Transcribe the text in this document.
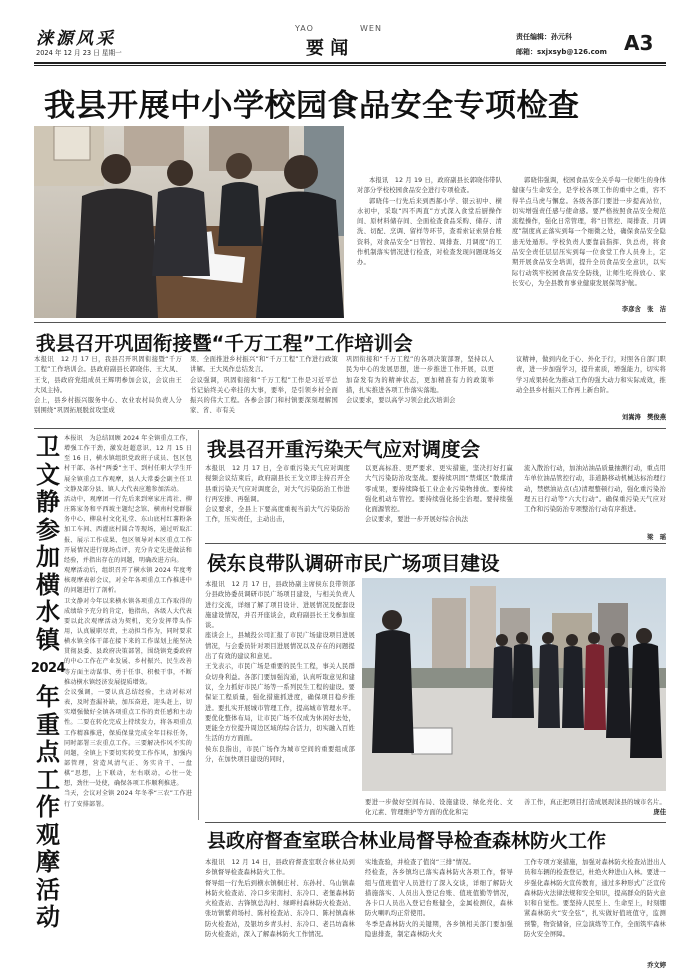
涞源风采
2024 年 12 月 23 日 星期一
YAO	WEN
要 闻
责任编辑：孙元科
邮箱：sxjxsyb@126.com A3
我县开展中小学校园食品安全专项检查

本报讯　12 月 19 日，政府副县长郭晓伟带队对部分学校校园食品安全进行专项检查。

郭晓伟一行先后来到西郝小学、银云初中、横水初中，采取“四不两直”方式深入食堂后厨操作间、原材料储存间、全面检查食品采购、储存、清洗、切配、烹调、留样等环节，查看索证索票台账资料，对食品安全“日管控、周排查、月调度”的工作机制落实情况进行检查，对检查发现问题现场交办。

郭晓伟强调，校园食品安全关乎每一位师生的身体健康与生命安全，是学校各项工作的重中之重，容不得半点马虎与懈怠。各级各部门要进一步提高站位，切实增强责任感与使命感。要严格按照食品安全规范流程操作，强化日常管理，将“日管控、周排查、月调度”制度真正落实到每一个细微之处，确保食品安全隐患无处遁形。学校负责人要靠前指挥、负总责，将食品安全责任层层压实到每一位食堂工作人员身上，定期开展食品安全培训，提升全员食品安全意识，以实际行动筑牢校园食品安全防线，让师生吃得放心、家长安心，为全县教育事业健康发展保驾护航。

李彦含　张　洁
我县召开巩固衔接暨“千万工程”工作培训会
本报讯　12 月 17 日，我县召开巩固衔接暨“千万工程”工作培训会。县政府副县长郭晓伟、王大凤、王戈，县政府党组成员王辉明参加会议，会议由王大凤主持。
会上，县乡村振兴服务中心、农业农村局负责人分别围绕“巩固拓展脱贫攻坚成
果、全面推进乡村振兴”和“千万工程”工作进行政策讲解。王大凤作总结发言。
会议强调，巩固衔接和“千万工程”工作是习近平总书记始终关心牵挂的大事，要举，是引领乡村全面振兴的伟大工程。各参会部门和村镇要深刻理解国家、省、市有关
巩固衔接和“千万工程”的各项决策部署，坚持以人民为中心的发展思想，进一步推进工作开展，以更加奋发有为的精神状态，更加精准有力的政策举措，扎实推进各项工作落实落地。
会议要求，要以高学习领会此次培训会
议精神，做到内化于心、外化于行，对照各自部门职责，进一步加强学习，提升素质，增强能力，切实将学习成果转化为推动工作的强大动力和实际成效，推动全县乡村振兴工作再上新台阶。
刘嵩涛　樊俊燕
卫
文
静
参
加
横
水
镇
2024
年
重
点
工
作
观
摩
活
动
本报讯　为总结回顾 2024 年全镇重点工作，增强工作干劲，激发赶超意识，12 月 15 日至 16 日，横水镇组织党政班子成员、包区包村干部、各村“两委”主干、到村任职大学生开展全镇重点工作观摩，县人大常委会副主任卫文静及部分县、镇人大代表应邀参加活动。
活动中，观摩团一行先后来到寒家庄湾社、柳庄陈家务和平西坡主题纪念馆、横南村党群服务中心、柳泉村文化礼堂、东山底村红薯粉条加工车间、西灌底村圆合等现场，通过听取汇报、展示工作成果、包区领导对本区重点工作开展情况进行现场点评，充分肯定先进做法和经验，并指出存在的问题，明确改进方向。
观摩活动后，组织召开了横水镇 2024 年度考核观摩表彰会议，对全年各项重点工作推进中的问题进行了剖析。
卫文静对今年以来横水镇各项重点工作取得的成绩给予充分的肯定，他指出，各级人大代表要以此次观摩活动为契机，充分发挥带头作用，认真履职尽责，主动担当作为，同时要求横水镇全体干部在接下来的工作谋划上能坚决贯彻县委、县政府决策部署，围绕镇党委政府的中心工作在产业发展、乡村振兴、民生改善等方面主动谋事、勇于任事、积极干事，不断推动横水镇经济发展提质增效。
会议强调，一要认真总结经验，主动对标对表，及时查漏补缺，加压奋进，迎头赶上，切实增强做好全镇各项重点工作的责任感和主动性。二要在转化完成上持续发力，将各项重点工作精准推进，保质保量完成全年目标任务，同时部署三农重点工作。三要解决作风不实的问题，全镇上下要切实转变工作作风，加强内部管理，营造风清气正、务实肯干、一盘棋”思想，上下联动，左右联动，心往一处想，劲往一处使，确保各项工作顺利推进。
当天，会议对全镇 2024 年冬季“三农”工作进行了安排部署。
我县召开重污染天气应对调度会
本报讯　12 月 17 日，全市重污染天气应对调度视频会议结束后，政府副县长王戈立即主持召开全县重污染天气应对调度会，对大气污染防治工作进行再安排、再强调。
会议要求，全县上下要高度重视当前大气污染防治工作，压实责任，主动出击，
以更高标准、更严要求、更实措施，坚决打好打赢大气污染防治攻坚战。要持续巩固“禁煤区”散煤清零成果，要持续降低工业企业污染物排放。要持续强化机动车管控。要持续强化扬尘治理。要持续强化面源管控。
会议要求，要进一步开展好综合执法
流入散治行动，加油站油品质量抽测行动，重点用车单位油品管控行动，非道路移动机械达标治理行动，禁燃油站点(点)清理整顿行动，强化重污染治理五日行动等“六大行动”。确保重污染天气应对工作和污染防治专项整治行动有序推进。
梁　瑶
侯东良带队调研市民广场项目建设
本报讯　12 月 17 日，县政协副主席侯东良带领部分县政协委员调研市民广场项目建设，与相关负责人进行交流，详细了解了项目设计、进展情况及配套设施建设情况，并召开座谈会，政府副县长王戈参加座谈。
座谈会上，县城投公司汇报了市民广场建设项目进展情况，与会委员针对项目进展情况以及存在的问题提出了有效的建议和意见。
王戈表示，市民广场是重要的民生工程，事关人民群众切身利益。各部门要加强沟通，认真听取意见和建议，全力抓好市民广场等一系列民生工程的建设。要保证工程质量，强化措施抓进度，确保项目稳步推进。要扎实开展城市管理工作，提高城市管理水平。要优化整体布局，让市民广场不仅成为休闲好去处，更能全方位提升周边区域的综合活力，切实融入百姓生活的方方面面。
侯东良指出，市民广场作为城市空间的重要组成部分，在加快项目建设的同时，
要进一步做好空间布局、设施建设、绿化亮化、文化元素、管理维护等方面的优化和完
善工作，真正把项目打造成展现涞县的城市名片。
庞佳
县政府督查室联合林业局督导检查森林防火工作
本报讯　12 月 14 日，县政府督查室联合林业局到乡镇督导检查森林防火工作。
督导组一行先后到横水镇桐庄村、东孙村、乌山镇森林防火检查站、冷口乡宋南村、东冷口、老堡森林防火检查站、古锋镇总沟村、绿畔村森林防火检查站、张坊镇紫荷场村、陈村检查站、东冷口、陈村镇森林防火检查站，及银坊乡青头村、东冷口、老吕坊森林防火检查站，深入了解森林防火工作情况。
实地查验，并检查了值岗“三排”情况。
经检查，各乡镇均已落实森林防火各项工作，督导组与值班值守人员进行了深入交谈，详细了解防火措施落实、人员出入登记台账、值班值勤等情况，各卡口人员出入登记台账健全，金属检测仪，森林防火喇叭均正常使用。
冬季是森林防火的关键期，各乡镇相关部门要加强隐患排查，制定森林防火火
工作专项方案措施，加强对森林防火检查站进出人员和车辆的检查登记，杜绝火种进山入林。要进一步强化森林防火宣传教育，通过多种形式广泛宣传森林防火法律法规和安全知识，提高群众的防火意识和自觉性。要坚持人民至上、生命至上，时刻绷紧森林防火“安全弦”，扎实做好值班值守，监测预警，物资储备，应急演练等工作，全面筑牢森林防火安全屏障。
乔文婷
